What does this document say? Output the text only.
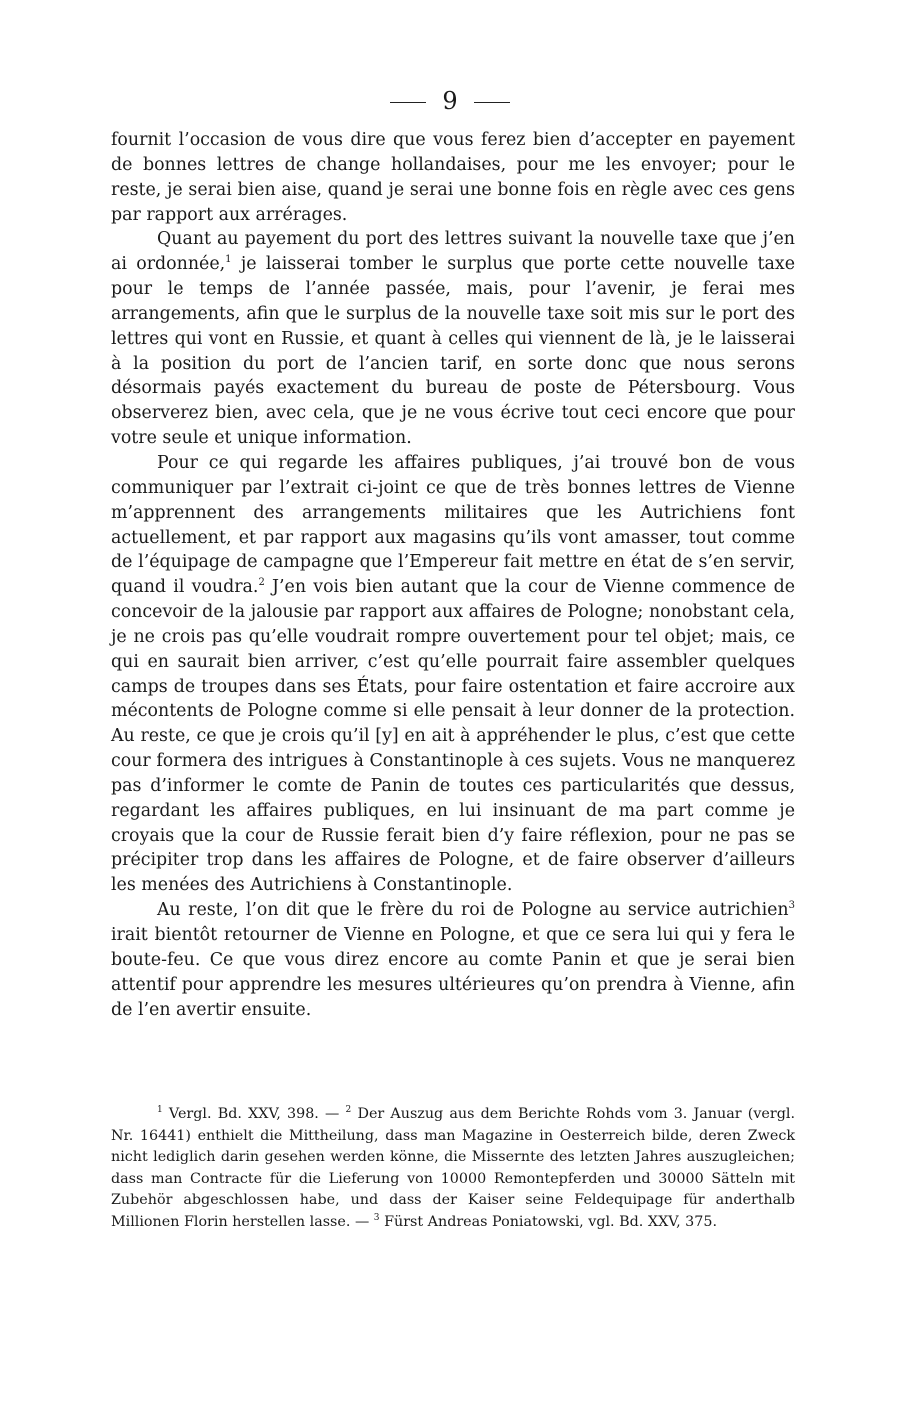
9

fournit l’occasion de vous dire que vous ferez bien d’accepter en payement de bonnes lettres de change hollandaises, pour me les envoyer; pour le reste, je serai bien aise, quand je serai une bonne fois en règle avec ces gens par rapport aux arrérages.

Quant au payement du port des lettres suivant la nouvelle taxe que j’en ai ordonnée,$^1$ je laisserai tomber le surplus que porte cette nouvelle taxe pour le temps de l’année passée, mais, pour l’avenir, je ferai mes arrangements, afin que le surplus de la nouvelle taxe soit mis sur le port des lettres qui vont en Russie, et quant à celles qui viennent de là, je le laisserai à la position du port de l’ancien tarif, en sorte donc que nous serons désormais payés exactement du bureau de poste de Pétersbourg. Vous observerez bien, avec cela, que je ne vous écrive tout ceci encore que pour votre seule et unique information.

Pour ce qui regarde les affaires publiques, j’ai trouvé bon de vous communiquer par l’extrait ci-joint ce que de très bonnes lettres de Vienne m’apprennent des arrangements militaires que les Autrichiens font actuellement, et par rapport aux magasins qu’ils vont amasser, tout comme de l’équipage de campagne que l’Empereur fait mettre en état de s’en servir, quand il voudra.$^2$ J’en vois bien autant que la cour de Vienne commence de concevoir de la jalousie par rapport aux affaires de Pologne; nonobstant cela, je ne crois pas qu’elle voudrait rompre ouvertement pour tel objet; mais, ce qui en saurait bien arriver, c’est qu’elle pourrait faire assembler quelques camps de troupes dans ses États, pour faire ostentation et faire accroire aux mécontents de Pologne comme si elle pensait à leur donner de la protection. Au reste, ce que je crois qu’il [y] en ait à appréhender le plus, c’est que cette cour formera des intrigues à Constantinople à ces sujets. Vous ne manquerez pas d’informer le comte de Panin de toutes ces particularités que dessus, regardant les affaires publiques, en lui insinuant de ma part comme je croyais que la cour de Russie ferait bien d’y faire réflexion, pour ne pas se précipiter trop dans les affaires de Pologne, et de faire observer d’ailleurs les menées des Autrichiens à Constantinople.

Au reste, l’on dit que le frère du roi de Pologne au service autrichien$^3$ irait bientôt retourner de Vienne en Pologne, et que ce sera lui qui y fera le boute-feu. Ce que vous direz encore au comte Panin et que je serai bien attentif pour apprendre les mesures ultérieures qu’on prendra à Vienne, afin de l’en avertir ensuite.

$^1$ Vergl. Bd. XXV, 398. — $^2$ Der Auszug aus dem Berichte Rohds vom 3. Januar (vergl. Nr. 16441) enthielt die Mittheilung, dass man Magazine in Oesterreich bilde, deren Zweck nicht lediglich darin gesehen werden könne, die Missernte des letzten Jahres auszugleichen; dass man Contracte für die Lieferung von 10000 Remontepferden und 30000 Sätteln mit Zubehör abgeschlossen habe, und dass der Kaiser seine Feldequipage für anderthalb Millionen Florin herstellen lasse. — $^3$ Fürst Andreas Poniatowski, vgl. Bd. XXV, 375.
